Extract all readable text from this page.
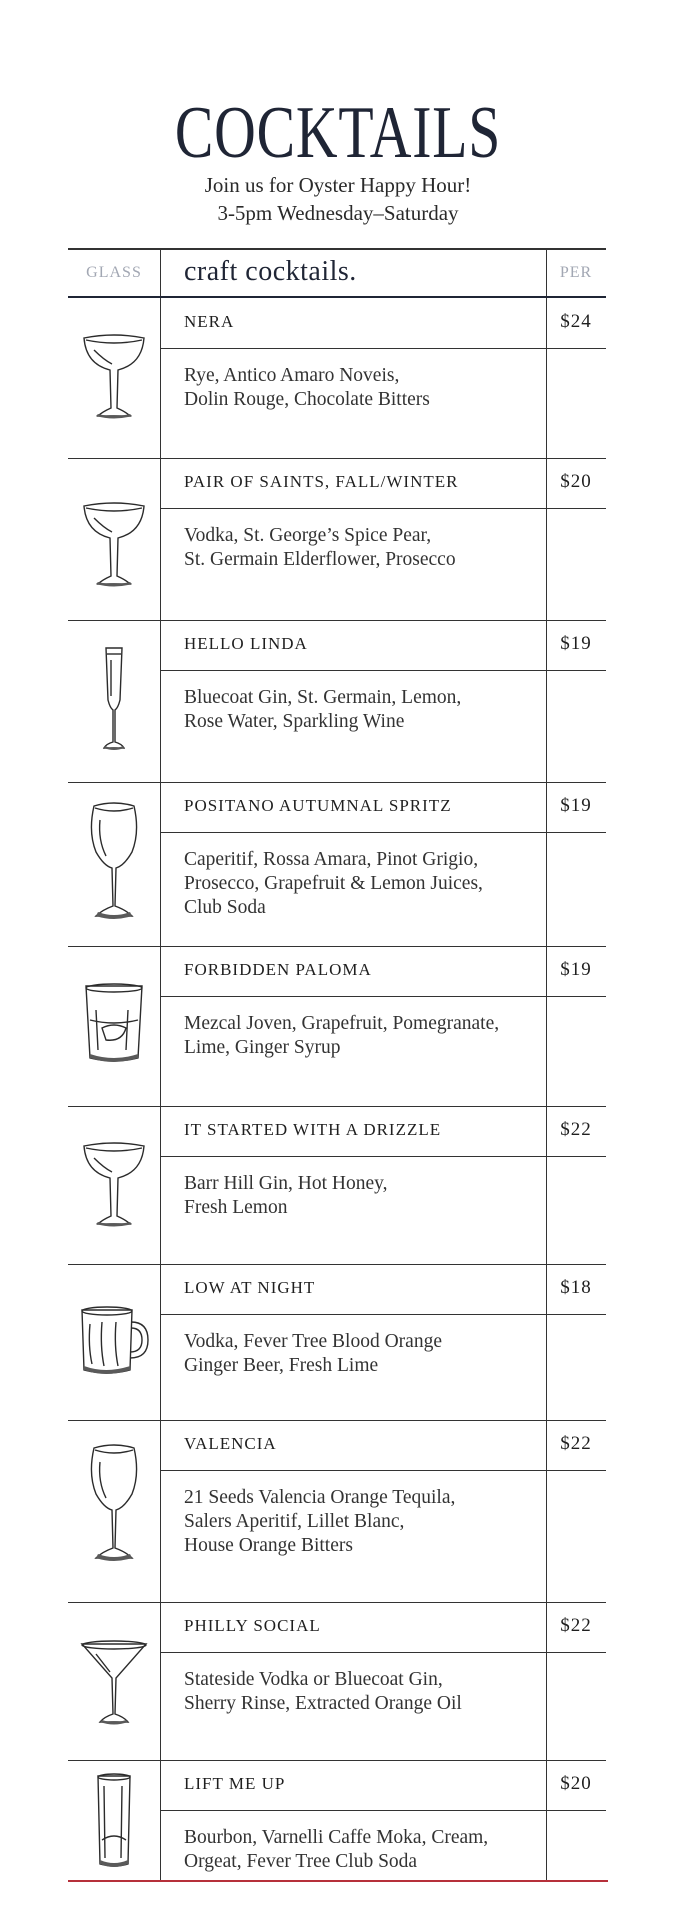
COCKTAILS
Join us for Oyster Happy Hour!
3-5pm Wednesday–Saturday
GLASS	craft cocktails.	PER
NERA	$24
Rye, Antico Amaro Noveis,
Dolin Rouge, Chocolate Bitters
PAIR OF SAINTS, FALL/WINTER	$20
Vodka, St. George’s Spice Pear,
St. Germain Elderflower, Prosecco
HELLO LINDA	$19
Bluecoat Gin, St. Germain, Lemon,
Rose Water, Sparkling Wine
POSITANO AUTUMNAL SPRITZ	$19
Caperitif, Rossa Amara, Pinot Grigio,
Prosecco, Grapefruit & Lemon Juices,
Club Soda
FORBIDDEN PALOMA	$19
Mezcal Joven, Grapefruit, Pomegranate,
Lime, Ginger Syrup
IT STARTED WITH A DRIZZLE	$22
Barr Hill Gin, Hot Honey,
Fresh Lemon
LOW AT NIGHT	$18
Vodka, Fever Tree Blood Orange
Ginger Beer, Fresh Lime
VALENCIA	$22
21 Seeds Valencia Orange Tequila,
Salers Aperitif, Lillet Blanc,
House Orange Bitters
PHILLY SOCIAL	$22
Stateside Vodka or Bluecoat Gin,
Sherry Rinse, Extracted Orange Oil
LIFT ME UP	$20
Bourbon, Varnelli Caffe Moka, Cream,
Orgeat, Fever Tree Club Soda
